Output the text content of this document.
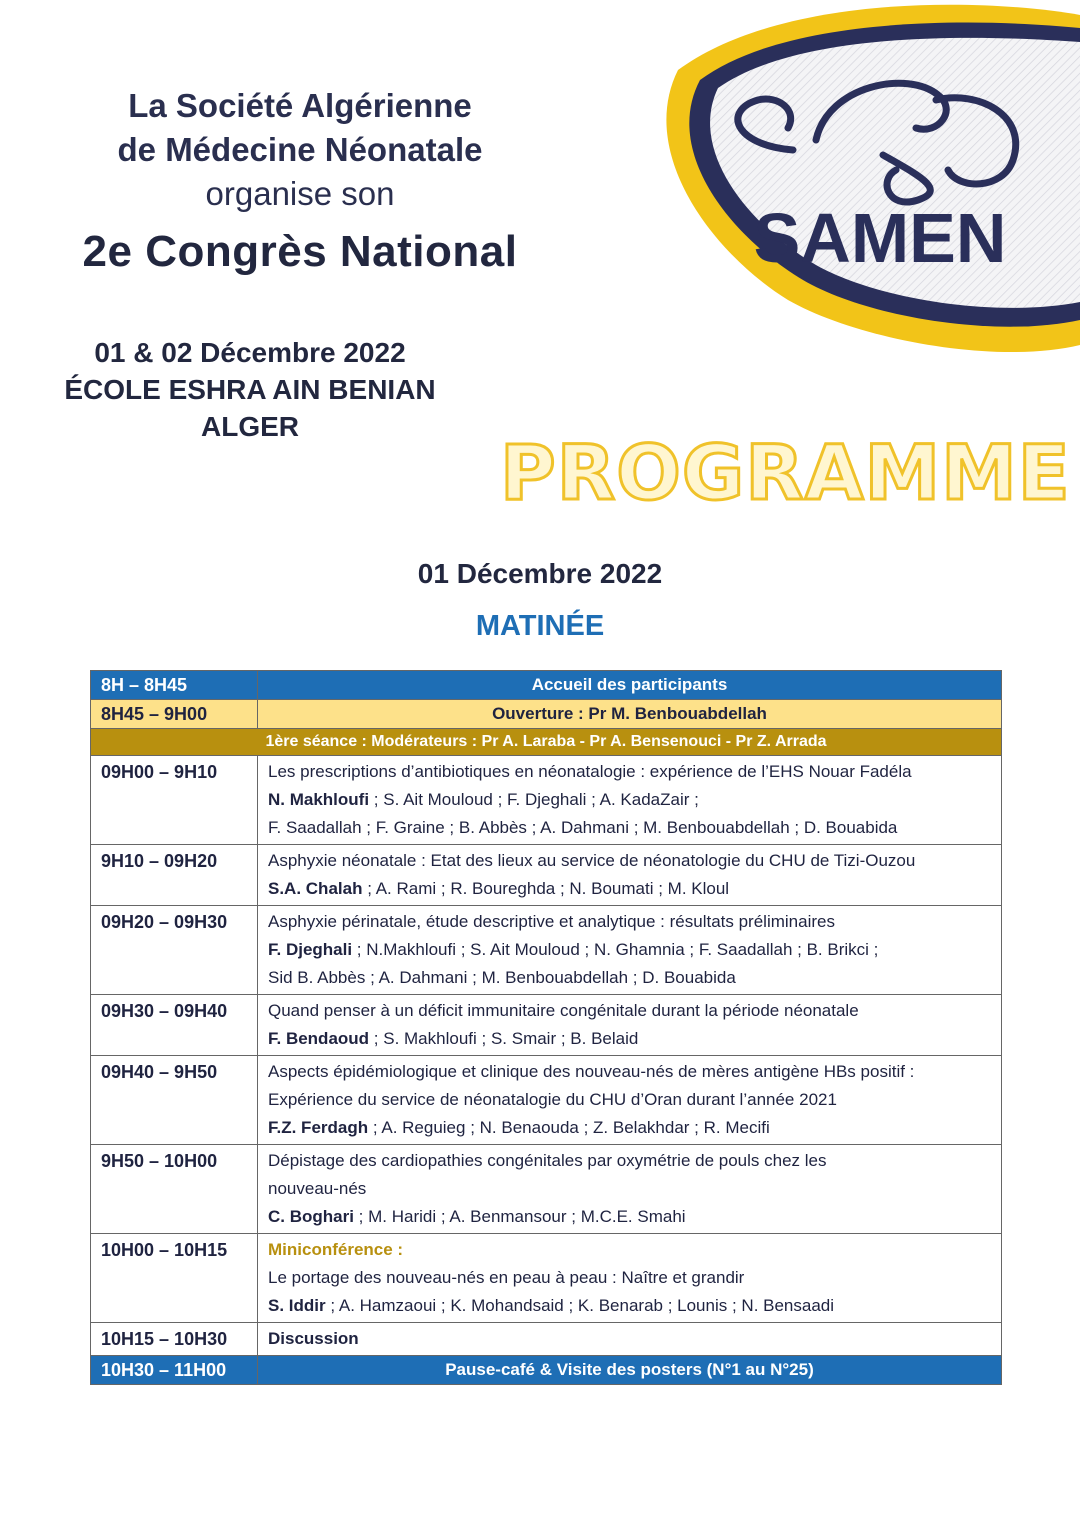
La Société Algérienne
de Médecine Néonatale
organise son
2e Congrès National
01 & 02 Décembre 2022
ÉCOLE ESHRA AIN BENIAN
ALGER
SAMEN
PROGRAMME
01 Décembre 2022
MATINÉE
8H – 8H45	Accueil des participants
8H45 – 9H00	Ouverture : Pr M. Benbouabdellah
1ère séance : Modérateurs : Pr A. Laraba - Pr A. Bensenouci - Pr Z. Arrada	
09H00 – 9H10	Les prescriptions d’antibiotiques en néonatalogie : expérience de l’EHS Nouar Fadéla
N. Makhloufi ; S. Ait Mouloud ; F. Djeghali ; A. KadaZair ;
F. Saadallah ; F. Graine ; B. Abbès ; A. Dahmani ; M. Benbouabdellah ; D. Bouabida

9H10 – 09H20	Asphyxie néonatale : Etat des lieux au service de néonatologie du CHU de Tizi-Ouzou
S.A. Chalah ; A. Rami ; R. Boureghda ; N. Boumati ; M. Kloul

09H20 – 09H30	Asphyxie périnatale, étude descriptive et analytique : résultats préliminaires
F. Djeghali ; N.Makhloufi ; S. Ait Mouloud ; N. Ghamnia ; F. Saadallah ; B. Brikci ;
Sid B. Abbès ; A. Dahmani ; M. Benbouabdellah ; D. Bouabida

09H30 – 09H40	Quand penser à un déficit immunitaire congénitale durant la période néonatale
F. Bendaoud ; S. Makhloufi ; S. Smair ; B. Belaid

09H40 – 9H50	Aspects épidémiologique et clinique des nouveau-nés de mères antigène HBs positif :
Expérience du service de néonatalogie du CHU d’Oran durant l’année 2021
F.Z. Ferdagh ; A. Reguieg ; N. Benaouda ; Z. Belakhdar ; R. Mecifi

9H50 – 10H00	Dépistage des cardiopathies congénitales par oxymétrie de pouls chez les
nouveau-nés
C. Boghari ; M. Haridi ; A. Benmansour ; M.C.E. Smahi

10H00 – 10H15	Miniconférence :
Le portage des nouveau-nés en peau à peau : Naître et grandir
S. Iddir ; A. Hamzaoui ; K. Mohandsaid ; K. Benarab ; Lounis ; N. Bensaadi

10H15 – 10H30	Discussion
10H30 – 11H00	Pause-café & Visite des posters (N°1 au N°25)
